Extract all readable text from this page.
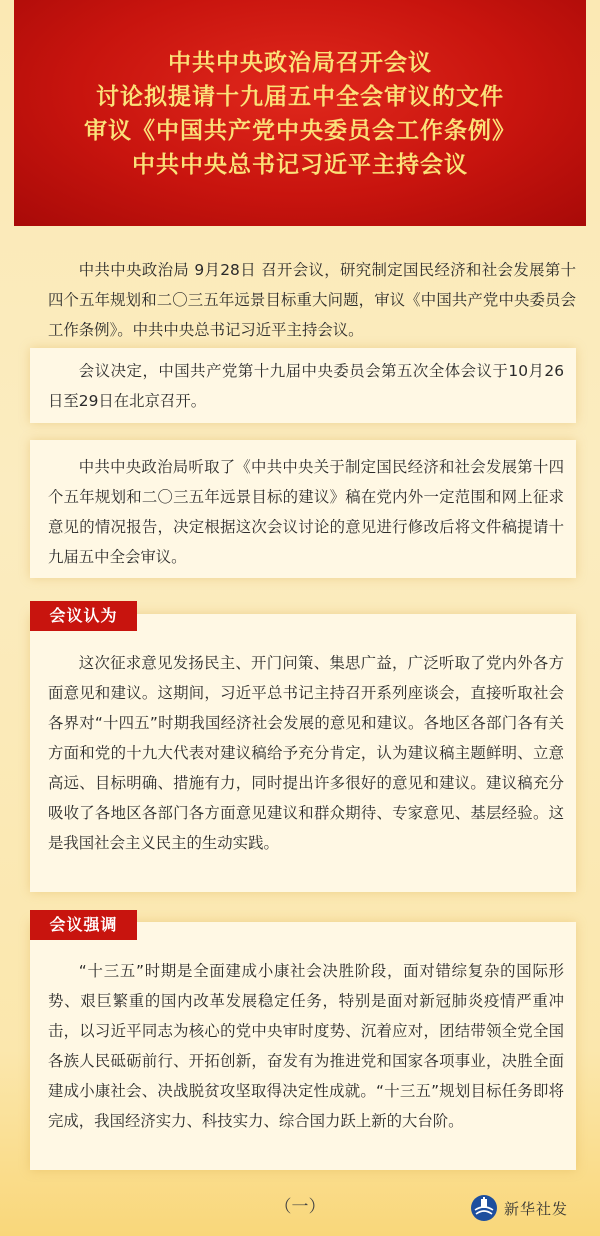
中共中央政治局召开会议
讨论拟提请十九届五中全会审议的文件
审议《中国共产党中央委员会工作条例》
中共中央总书记习近平主持会议
中共中央政治局 9月28日 召开会议，研究制定国民经济和社会发展第十四个五年规划和二〇三五年远景目标重大问题，审议《中国共产党中央委员会工作条例》。中共中央总书记习近平主持会议。
会议决定，中国共产党第十九届中央委员会第五次全体会议于10月26日至29日在北京召开。
中共中央政治局听取了《中共中央关于制定国民经济和社会发展第十四个五年规划和二〇三五年远景目标的建议》稿在党内外一定范围和网上征求意见的情况报告，决定根据这次会议讨论的意见进行修改后将文件稿提请十九届五中全会审议。
这次征求意见发扬民主、开门问策、集思广益，广泛听取了党内外各方面意见和建议。这期间，习近平总书记主持召开系列座谈会，直接听取社会各界对“十四五”时期我国经济社会发展的意见和建议。各地区各部门各有关方面和党的十九大代表对建议稿给予充分肯定，认为建议稿主题鲜明、立意高远、目标明确、措施有力，同时提出许多很好的意见和建议。建议稿充分吸收了各地区各部门各方面意见建议和群众期待、专家意见、基层经验。这是我国社会主义民主的生动实践。
会议认为
“十三五”时期是全面建成小康社会决胜阶段，面对错综复杂的国际形势、艰巨繁重的国内改革发展稳定任务，特别是面对新冠肺炎疫情严重冲击，以习近平同志为核心的党中央审时度势、沉着应对，团结带领全党全国各族人民砥砺前行、开拓创新，奋发有为推进党和国家各项事业，决胜全面建成小康社会、决战脱贫攻坚取得决定性成就。“十三五”规划目标任务即将完成，我国经济实力、科技实力、综合国力跃上新的大台阶。
会议强调
（一）	新华社发
